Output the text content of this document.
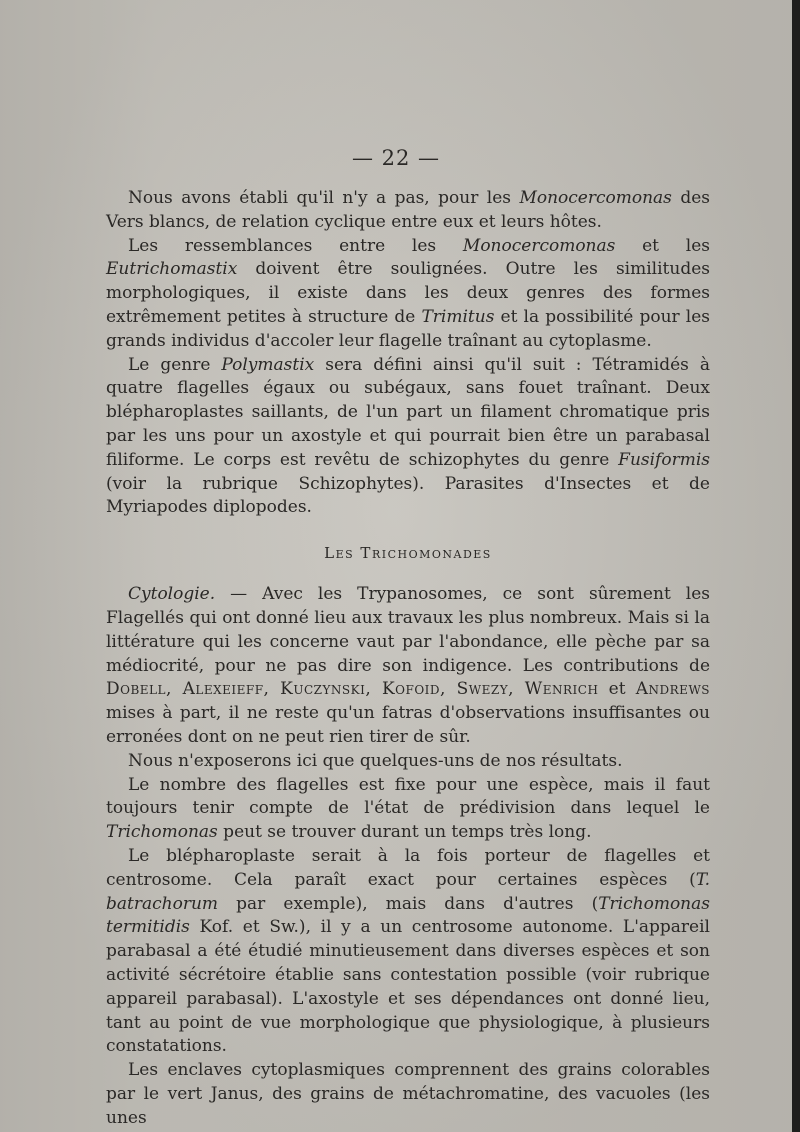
— 22 —

Nous avons établi qu'il n'y a pas, pour les Monocercomonas des Vers blancs, de relation cyclique entre eux et leurs hôtes.

Les ressemblances entre les Monocercomonas et les Eutrichomastix doivent être soulignées. Outre les similitudes morphologiques, il existe dans les deux genres des formes extrêmement petites à structure de Trimitus et la possibilité pour les grands individus d'accoler leur flagelle traînant au cytoplasme.

Le genre Polymastix sera défini ainsi qu'il suit : Tétramidés à quatre flagelles égaux ou subégaux, sans fouet traînant. Deux blépharoplastes saillants, de l'un part un filament chromatique pris par les uns pour un axostyle et qui pourrait bien être un parabasal filiforme. Le corps est revêtu de schizophytes du genre Fusiformis (voir la rubrique Schizophytes). Parasites d'Insectes et de Myriapodes diplopodes.

Les Trichomonades

Cytologie. — Avec les Trypanosomes, ce sont sûrement les Flagellés qui ont donné lieu aux travaux les plus nombreux. Mais si la littérature qui les concerne vaut par l'abondance, elle pèche par sa médiocrité, pour ne pas dire son indigence. Les contributions de Dobell, Alexeieff, Kuczynski, Kofoid, Swezy, Wenrich et Andrews mises à part, il ne reste qu'un fatras d'observations insuffisantes ou erronées dont on ne peut rien tirer de sûr.

Nous n'exposerons ici que quelques-uns de nos résultats.

Le nombre des flagelles est fixe pour une espèce, mais il faut toujours tenir compte de l'état de prédivision dans lequel le Trichomonas peut se trouver durant un temps très long.

Le blépharoplaste serait à la fois porteur de flagelles et centrosome. Cela paraît exact pour certaines espèces (T. batrachorum par exemple), mais dans d'autres (Trichomonas termitidis Kof. et Sw.), il y a un centrosome autonome. L'appareil parabasal a été étudié minutieusement dans diverses espèces et son activité sécrétoire établie sans contestation possible (voir rubrique appareil parabasal). L'axostyle et ses dépendances ont donné lieu, tant au point de vue morphologique que physiologique, à plusieurs constatations.

Les enclaves cytoplasmiques comprennent des grains colorables par le vert Janus, des grains de métachromatine, des vacuoles (les unes
